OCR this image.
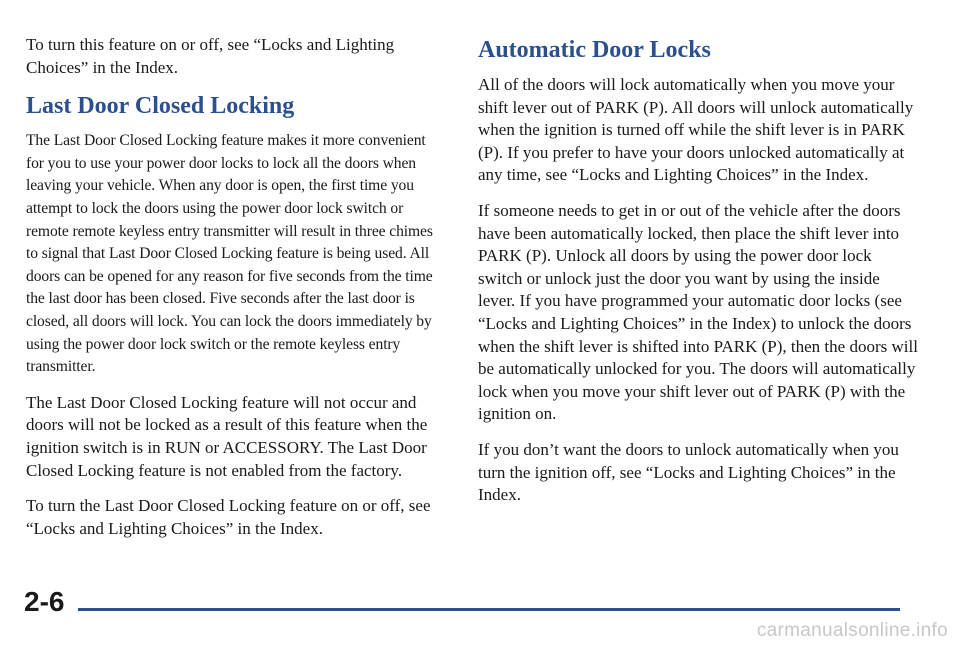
To turn this feature on or off, see “Locks and Lighting Choices” in the Index.

Last Door Closed Locking

The Last Door Closed Locking feature makes it more convenient for you to use your power door locks to lock all the doors when leaving your vehicle. When any door is open, the first time you attempt to lock the doors using the power door lock switch or remote remote keyless entry transmitter will result in three chimes to signal that Last Door Closed Locking feature is being used. All doors can be opened for any reason for five seconds from the time the last door has been closed. Five seconds after the last door is closed, all doors will lock. You can lock the doors immediately by using the power door lock switch or the remote keyless entry transmitter.

The Last Door Closed Locking feature will not occur and doors will not be locked as a result of this feature when the ignition switch is in RUN or ACCESSORY. The Last Door Closed Locking feature is not enabled from the factory.

To turn the Last Door Closed Locking feature on or off, see “Locks and Lighting Choices” in the Index.

Automatic Door Locks

All of the doors will lock automatically when you move your shift lever out of PARK (P). All doors will unlock automatically when the ignition is turned off while the shift lever is in PARK (P). If you prefer to have your doors unlocked automatically at any time, see “Locks and Lighting Choices” in the Index.

If someone needs to get in or out of the vehicle after the doors have been automatically locked, then place the shift lever into PARK (P). Unlock all doors by using the power door lock switch or unlock just the door you want by using the inside lever. If you have programmed your automatic door locks (see “Locks and Lighting Choices” in the Index) to unlock the doors when the shift lever is shifted into PARK (P), then the doors will be automatically unlocked for you. The doors will automatically lock when you move your shift lever out of PARK (P) with the ignition on.

If you don’t want the doors to unlock automatically when you turn the ignition off, see “Locks and Lighting Choices” in the Index.

2-6
carmanualsonline.info
